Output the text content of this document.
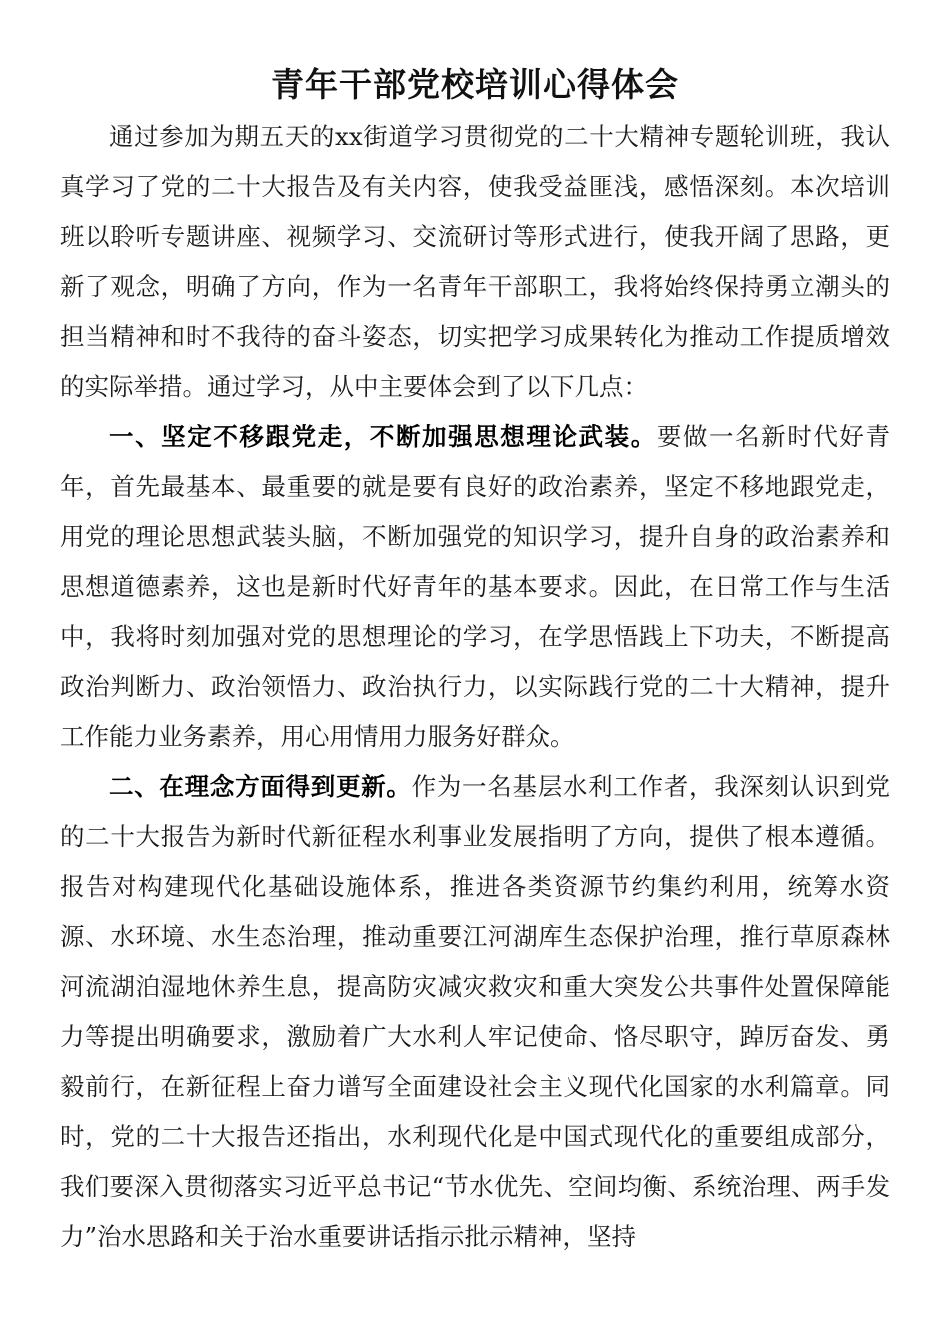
青年干部党校培训心得体会

通过参加为期五天的xx街道学习贯彻党的二十大精神专题轮训班，我认真学习了党的二十大报告及有关内容，使我受益匪浅，感悟深刻。本次培训班以聆听专题讲座、视频学习、交流研讨等形式进行，使我开阔了思路，更新了观念，明确了方向，作为一名青年干部职工，我将始终保持勇立潮头的担当精神和时不我待的奋斗姿态，切实把学习成果转化为推动工作提质增效的实际举措。通过学习，从中主要体会到了以下几点：

一、坚定不移跟党走，不断加强思想理论武装。要做一名新时代好青年，首先最基本、最重要的就是要有良好的政治素养，坚定不移地跟党走，用党的理论思想武装头脑，不断加强党的知识学习，提升自身的政治素养和思想道德素养，这也是新时代好青年的基本要求。因此，在日常工作与生活中，我将时刻加强对党的思想理论的学习，在学思悟践上下功夫，不断提高政治判断力、政治领悟力、政治执行力，以实际践行党的二十大精神，提升工作能力业务素养，用心用情用力服务好群众。

二、在理念方面得到更新。作为一名基层水利工作者，我深刻认识到党的二十大报告为新时代新征程水利事业发展指明了方向，提供了根本遵循。报告对构建现代化基础设施体系，推进各类资源节约集约利用，统筹水资源、水环境、水生态治理，推动重要江河湖库生态保护治理，推行草原森林河流湖泊湿地休养生息，提高防灾减灾救灾和重大突发公共事件处置保障能力等提出明确要求，激励着广大水利人牢记使命、恪尽职守，踔厉奋发、勇毅前行，在新征程上奋力谱写全面建设社会主义现代化国家的水利篇章。同时，党的二十大报告还指出，水利现代化是中国式现代化的重要组成部分，我们要深入贯彻落实习近平总书记“节水优先、空间均衡、系统治理、两手发力”治水思路和关于治水重要讲话指示批示精神，坚持
